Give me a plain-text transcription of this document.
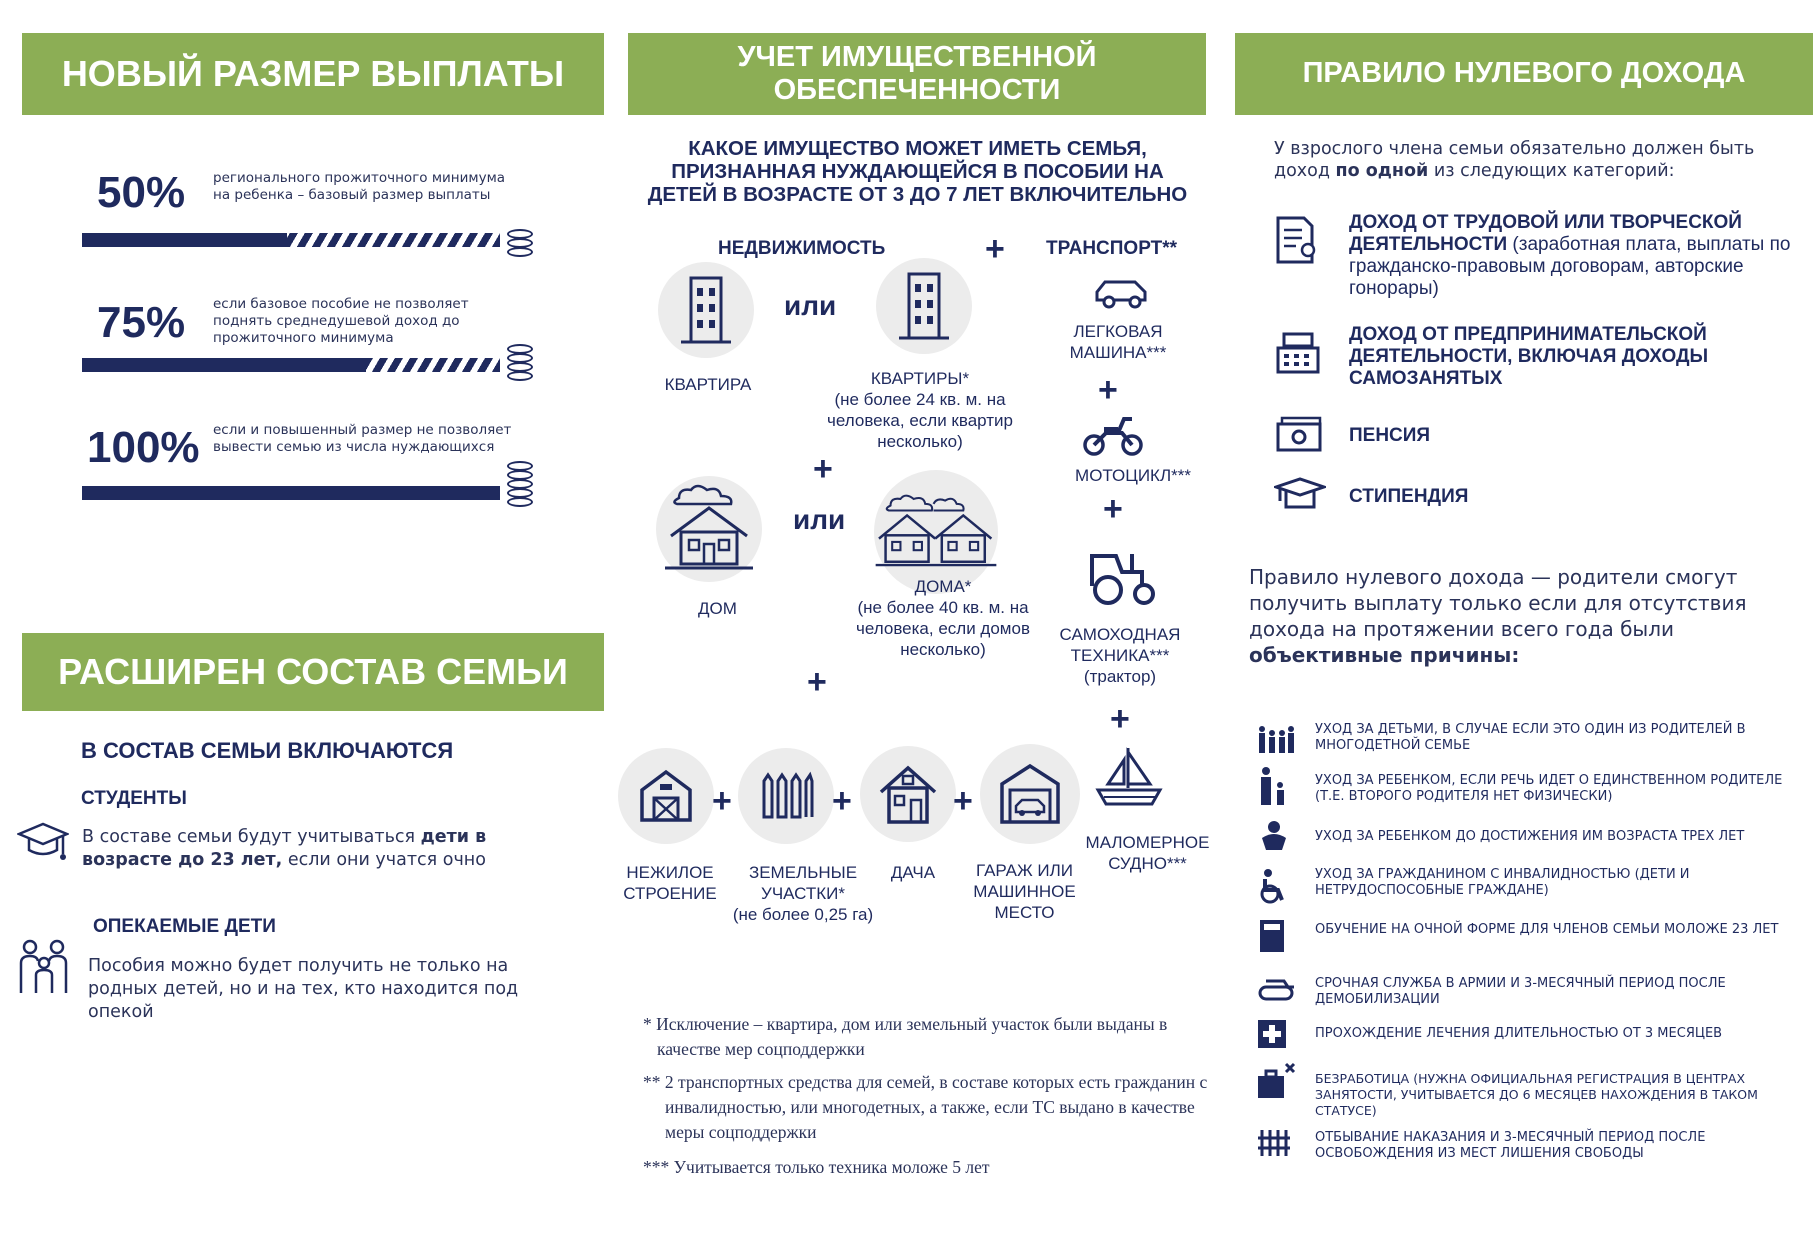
НОВЫЙ РАЗМЕР ВЫПЛАТЫ
50% регионального прожиточного минимума на ребенка – базовый размер выплаты
75% если базовое пособие не позволяет поднять среднедушевой доход до прожиточного минимума
100% если и повышенный размер не позволяет вывести семью из числа нуждающихся
РАСШИРЕН СОСТАВ СЕМЬИ
В СОСТАВ СЕМЬИ ВКЛЮЧАЮТСЯ
СТУДЕНТЫ
В составе семьи будут учитываться дети в возрасте до 23 лет, если они учатся очно
ОПЕКАЕМЫЕ ДЕТИ
Пособия можно будет получить не только на родных детей, но и на тех, кто находится под опекой
УЧЕТ ИМУЩЕСТВЕННОЙ ОБЕСПЕЧЕННОСТИ
КАКОЕ ИМУЩЕСТВО МОЖЕТ ИМЕТЬ СЕМЬЯ, ПРИЗНАННАЯ НУЖДАЮЩЕЙСЯ В ПОСОБИИ НА ДЕТЕЙ В ВОЗРАСТЕ ОТ 3 ДО 7 ЛЕТ ВКЛЮЧИТЕЛЬНО
НЕДВИЖИМОСТЬ	+ ТРАНСПОРТ**
или
КВАРТИРА	КВАРТИРЫ*
(не более 24 кв. м. на человека, если квартир несколько)
+
или
ДОМ
ДОМА*
(не более 40 кв. м. на человека, если домов несколько)
+
ЛЕГКОВАЯ МАШИНА***
+
МОТОЦИКЛ***
+
САМОХОДНАЯ ТЕХНИКА***
(трактор)
+
МАЛОМЕРНОЕ СУДНО***
+	+	+
НЕЖИЛОЕ СТРОЕНИЕ
ЗЕМЕЛЬНЫЕ УЧАСТКИ*
(не более 0,25 га)
ДАЧА	ГАРАЖ ИЛИ МАШИННОЕ МЕСТО
* Исключение – квартира, дом или земельный участок были выданы в качестве мер соцподдержки
** 2 транспортных средства для семей, в составе которых есть гражданин с инвалидностью, или многодетных, а также, если ТС выдано в качестве меры соцподдержки
*** Учитывается только техника моложе 5 лет
ПРАВИЛО НУЛЕВОГО ДОХОДА
У взрослого члена семьи обязательно должен быть доход по одной из следующих категорий:
ДОХОД ОТ ТРУДОВОЙ ИЛИ ТВОРЧЕСКОЙ ДЕЯТЕЛЬНОСТИ (заработная плата, выплаты по гражданско-правовым договорам, авторские гонорары)
ДОХОД ОТ ПРЕДПРИНИМАТЕЛЬСКОЙ ДЕЯТЕЛЬНОСТИ, ВКЛЮЧАЯ ДОХОДЫ САМОЗАНЯТЫХ
ПЕНСИЯ
СТИПЕНДИЯ
Правило нулевого дохода — родители смогут получить выплату только если для отсутствия дохода на протяжении всего года были объективные причины:
УХОД ЗА ДЕТЬМИ, В СЛУЧАЕ ЕСЛИ ЭТО ОДИН ИЗ РОДИТЕЛЕЙ В МНОГОДЕТНОЙ СЕМЬЕ
УХОД ЗА РЕБЕНКОМ, ЕСЛИ РЕЧЬ ИДЕТ О ЕДИНСТВЕННОМ РОДИТЕЛЕ (Т.Е. ВТОРОГО РОДИТЕЛЯ НЕТ ФИЗИЧЕСКИ)
УХОД ЗА РЕБЕНКОМ ДО ДОСТИЖЕНИЯ ИМ ВОЗРАСТА ТРЕХ ЛЕТ
УХОД ЗА ГРАЖДАНИНОМ С ИНВАЛИДНОСТЬЮ (ДЕТИ И НЕТРУДОСПОСОБНЫЕ ГРАЖДАНЕ)
ОБУЧЕНИЕ НА ОЧНОЙ ФОРМЕ ДЛЯ ЧЛЕНОВ СЕМЬИ МОЛОЖЕ 23 ЛЕТ
СРОЧНАЯ СЛУЖБА В АРМИИ И 3-МЕСЯЧНЫЙ ПЕРИОД ПОСЛЕ ДЕМОБИЛИЗАЦИИ
ПРОХОЖДЕНИЕ ЛЕЧЕНИЯ ДЛИТЕЛЬНОСТЬЮ ОТ 3 МЕСЯЦЕВ
БЕЗРАБОТИЦА (НУЖНА ОФИЦИАЛЬНАЯ РЕГИСТРАЦИЯ В ЦЕНТРАХ ЗАНЯТОСТИ, УЧИТЫВАЕТСЯ ДО 6 МЕСЯЦЕВ НАХОЖДЕНИЯ В ТАКОМ СТАТУСЕ)
ОТБЫВАНИЕ НАКАЗАНИЯ И 3-МЕСЯЧНЫЙ ПЕРИОД ПОСЛЕ ОСВОБОЖДЕНИЯ ИЗ МЕСТ ЛИШЕНИЯ СВОБОДЫ
